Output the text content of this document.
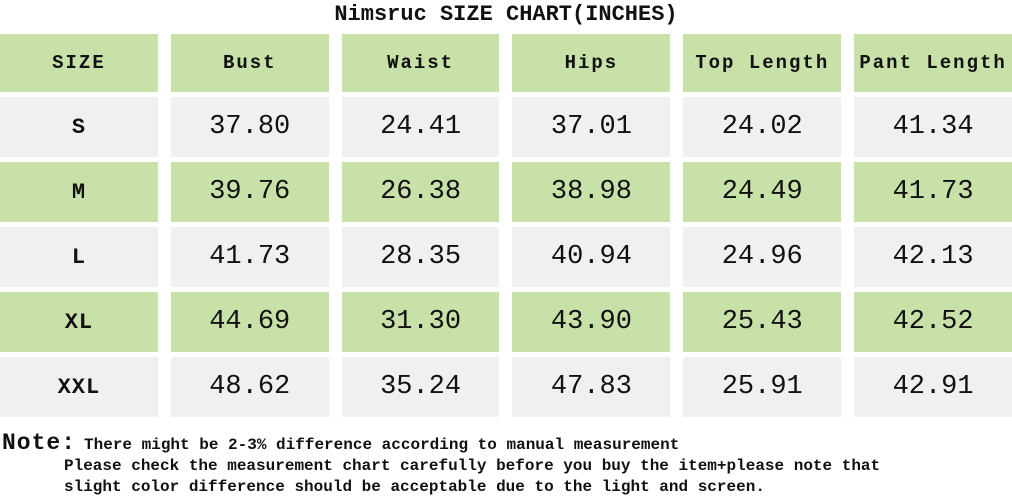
Nimsruc SIZE CHART(INCHES)
SIZE	Bust	Waist	Hips	Top Length	Pant Length
S	37.80	24.41	37.01	24.02	41.34
M	39.76	26.38	38.98	24.49	41.73
L	41.73	28.35	40.94	24.96	42.13
XL	44.69	31.30	43.90	25.43	42.52
XXL	48.62	35.24	47.83	25.91	42.91
Note: There might be 2-3% difference according to manual measurement
Please check the measurement chart carefully before you buy the item+please note that
slight color difference should be acceptable due to the light and screen.
